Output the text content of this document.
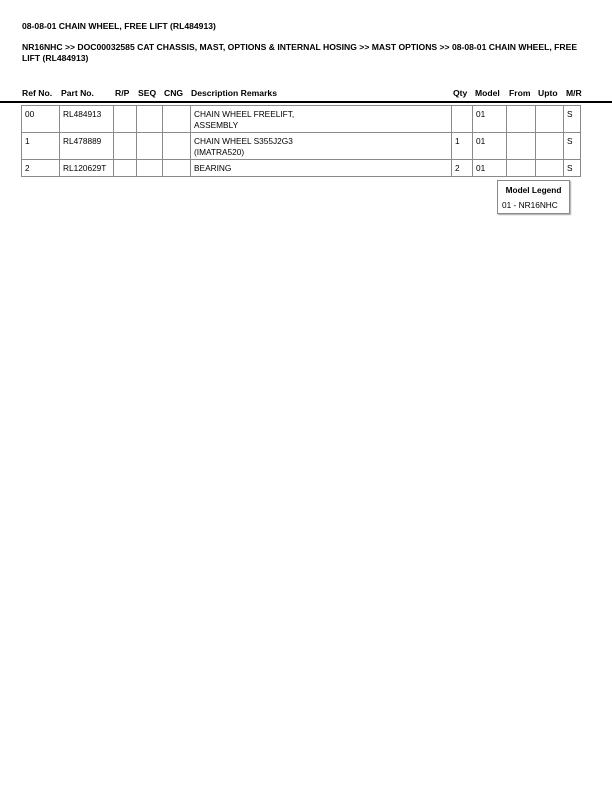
08-08-01 CHAIN WHEEL, FREE LIFT (RL484913)
NR16NHC >> DOC00032585 CAT CHASSIS, MAST, OPTIONS & INTERNAL HOSING >> MAST OPTIONS >> 08-08-01 CHAIN WHEEL, FREE LIFT (RL484913)
Ref No. Part No. R/P SEQ CNG Description Remarks	Qty Model From Upto M/R
00	RL484913				CHAIN WHEEL FREELIFT,
ASSEMBLY		01			S
1	RL478889				CHAIN WHEEL S355J2G3
(IMATRA520)	1	01			S
2	RL120629T				BEARING	2	01			S
Model Legend
01 - NR16NHC
